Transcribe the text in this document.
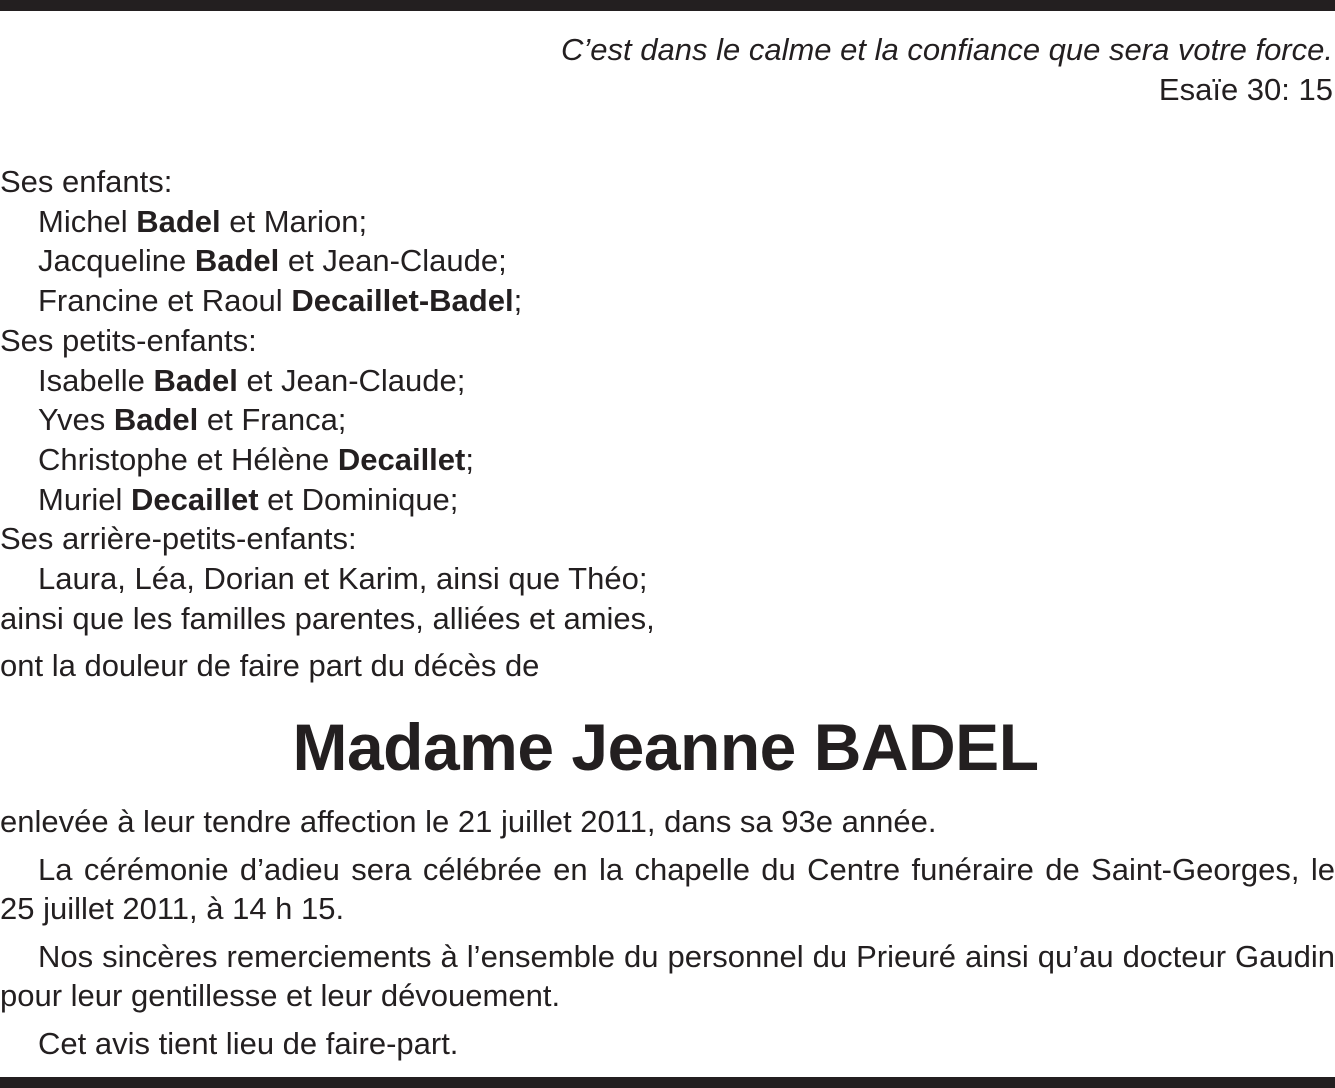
C’est dans le calme et la confiance que sera votre force.
Esaïe 30: 15
Ses enfants:
Michel Badel et Marion;
Jacqueline Badel et Jean-Claude;
Francine et Raoul Decaillet-Badel;
Ses petits-enfants:
Isabelle Badel et Jean-Claude;
Yves Badel et Franca;
Christophe et Hélène Decaillet;
Muriel Decaillet et Dominique;
Ses arrière-petits-enfants:
Laura, Léa, Dorian et Karim, ainsi que Théo;
ainsi que les familles parentes, alliées et amies,
ont la douleur de faire part du décès de
Madame Jeanne BADEL

enlevée à leur tendre affection le 21 juillet 2011, dans sa 93e année.

La cérémonie d’adieu sera célébrée en la chapelle du Centre funéraire de Saint-Georges, le 25 juillet 2011, à 14 h 15.

Nos sincères remerciements à l’ensemble du personnel du Prieuré ainsi qu’au docteur Gaudin pour leur gentillesse et leur dévouement.

Cet avis tient lieu de faire-part.
